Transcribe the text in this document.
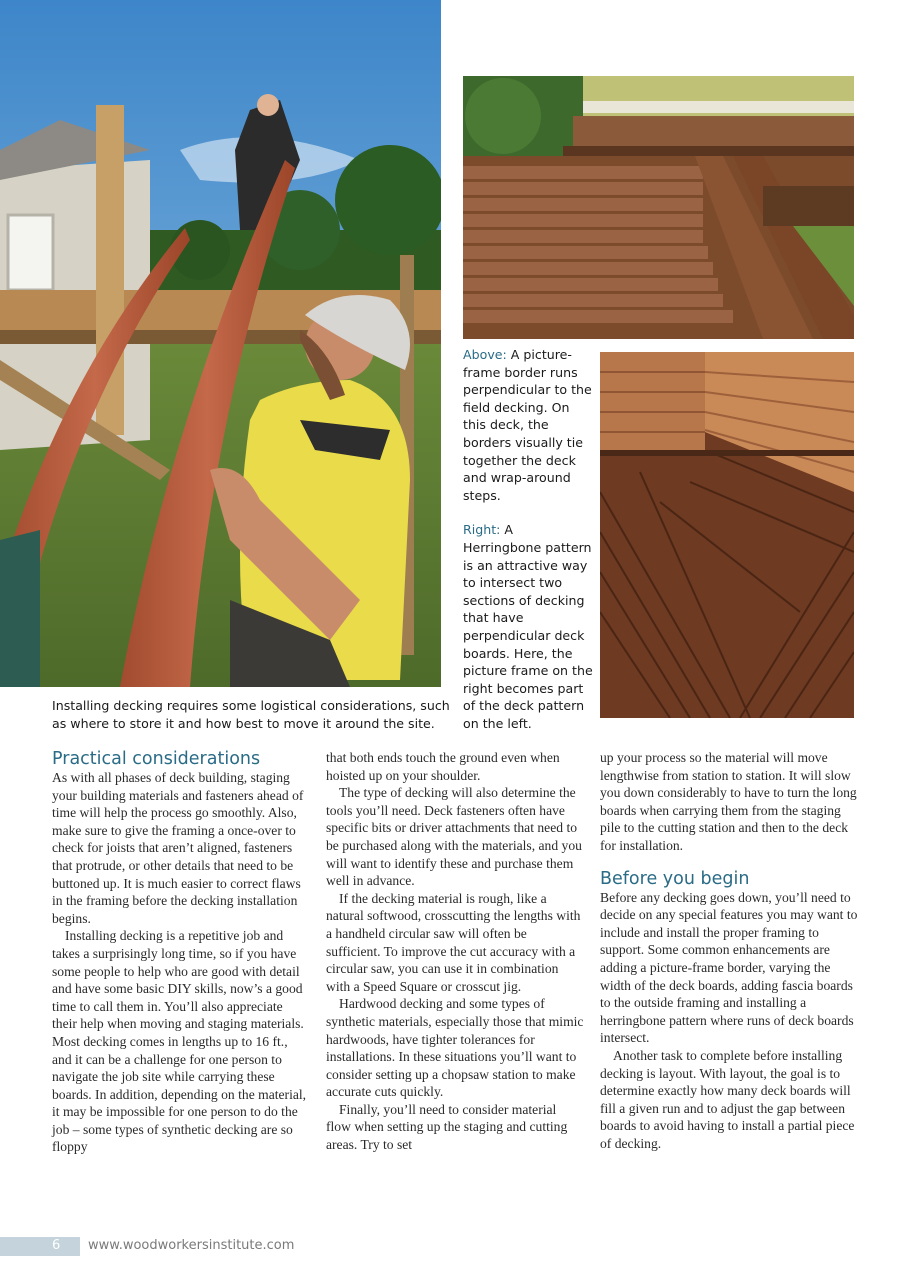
Above: A picture-frame border runs perpendicular to the field decking. On this deck, the borders visually tie together the deck and wrap-around steps.
Right: A Herringbone pattern is an attractive way to intersect two sections of decking that have perpendicular deck boards. Here, the picture frame on the right becomes part of the deck pattern on the left.
Installing decking requires some logistical considerations, such as where to store it and how best to move it around the site.
Practical considerations

As with all phases of deck building, staging your building materials and fasteners ahead of time will help the process go smoothly. Also, make sure to give the framing a once-over to check for joists that aren’t aligned, fasteners that protrude, or other details that need to be buttoned up. It is much easier to correct flaws in the framing before the decking installation begins.

Installing decking is a repetitive job and takes a surprisingly long time, so if you have some people to help who are good with detail and have some basic DIY skills, now’s a good time to call them in. You’ll also appreciate their help when moving and staging materials. Most decking comes in lengths up to 16 ft., and it can be a challenge for one person to navigate the job site while carrying these boards. In addition, depending on the material, it may be impossible for one person to do the job – some types of synthetic decking are so floppy

that both ends touch the ground even when hoisted up on your shoulder.

The type of decking will also determine the tools you’ll need. Deck fasteners often have specific bits or driver attachments that need to be purchased along with the materials, and you will want to identify these and purchase them well in advance.

If the decking material is rough, like a natural softwood, crosscutting the lengths with a handheld circular saw will often be sufficient. To improve the cut accuracy with a circular saw, you can use it in combination with a Speed Square or crosscut jig.

Hardwood decking and some types of synthetic materials, especially those that mimic hardwoods, have tighter tolerances for installations. In these situations you’ll want to consider setting up a chopsaw station to make accurate cuts quickly.

Finally, you’ll need to consider material flow when setting up the staging and cutting areas. Try to set

up your process so the material will move lengthwise from station to station. It will slow you down considerably to have to turn the long boards when carrying them from the staging pile to the cutting station and then to the deck for installation.

Before you begin

Before any decking goes down, you’ll need to decide on any special features you may want to include and install the proper framing to support. Some common enhancements are adding a picture-frame border, varying the width of the deck boards, adding fascia boards to the outside framing and installing a herringbone pattern where runs of deck boards intersect.

Another task to complete before installing decking is layout. With layout, the goal is to determine exactly how many deck boards will fill a given run and to adjust the gap between boards to avoid having to install a partial piece of decking.

6 www.woodworkersinstitute.com
